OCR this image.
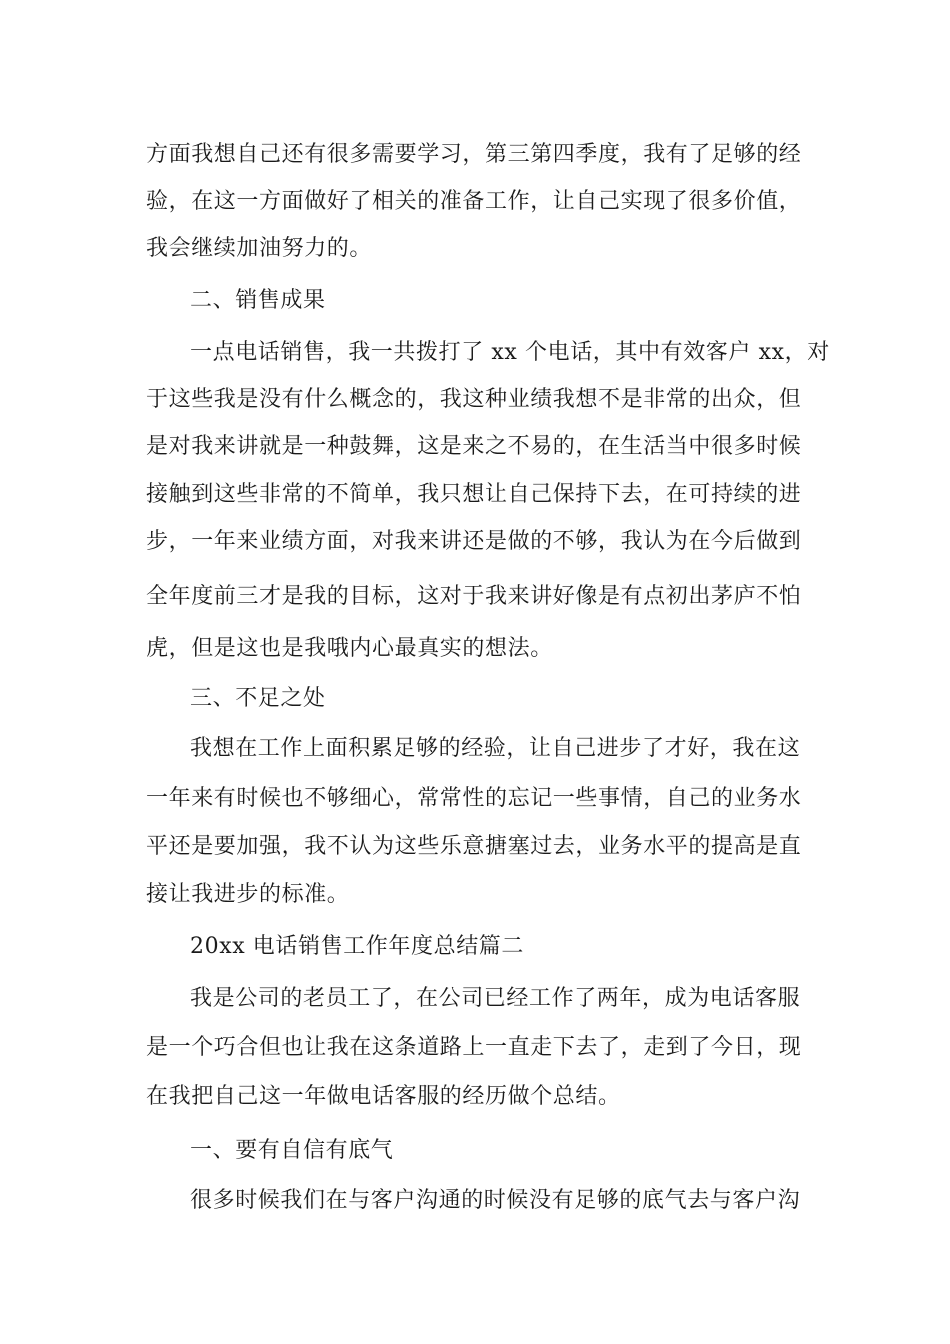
方面我想自己还有很多需要学习，第三第四季度，我有了足够的经
验，在这一方面做好了相关的准备工作，让自己实现了很多价值，
我会继续加油努力的。
二、销售成果
一点电话销售，我一共拨打了 xx 个电话，其中有效客户 xx，对
于这些我是没有什么概念的，我这种业绩我想不是非常的出众，但
是对我来讲就是一种鼓舞，这是来之不易的，在生活当中很多时候
接触到这些非常的不简单，我只想让自己保持下去，在可持续的进
步，一年来业绩方面，对我来讲还是做的不够，我认为在今后做到
全年度前三才是我的目标，这对于我来讲好像是有点初出茅庐不怕
虎，但是这也是我哦内心最真实的想法。
三、不足之处
我想在工作上面积累足够的经验，让自己进步了才好，我在这
一年来有时候也不够细心，常常性的忘记一些事情，自己的业务水
平还是要加强，我不认为这些乐意搪塞过去，业务水平的提高是直
接让我进步的标准。
20xx 电话销售工作年度总结篇二
我是公司的老员工了，在公司已经工作了两年，成为电话客服
是一个巧合但也让我在这条道路上一直走下去了，走到了今日，现
在我把自己这一年做电话客服的经历做个总结。
一、要有自信有底气
很多时候我们在与客户沟通的时候没有足够的底气去与客户沟
